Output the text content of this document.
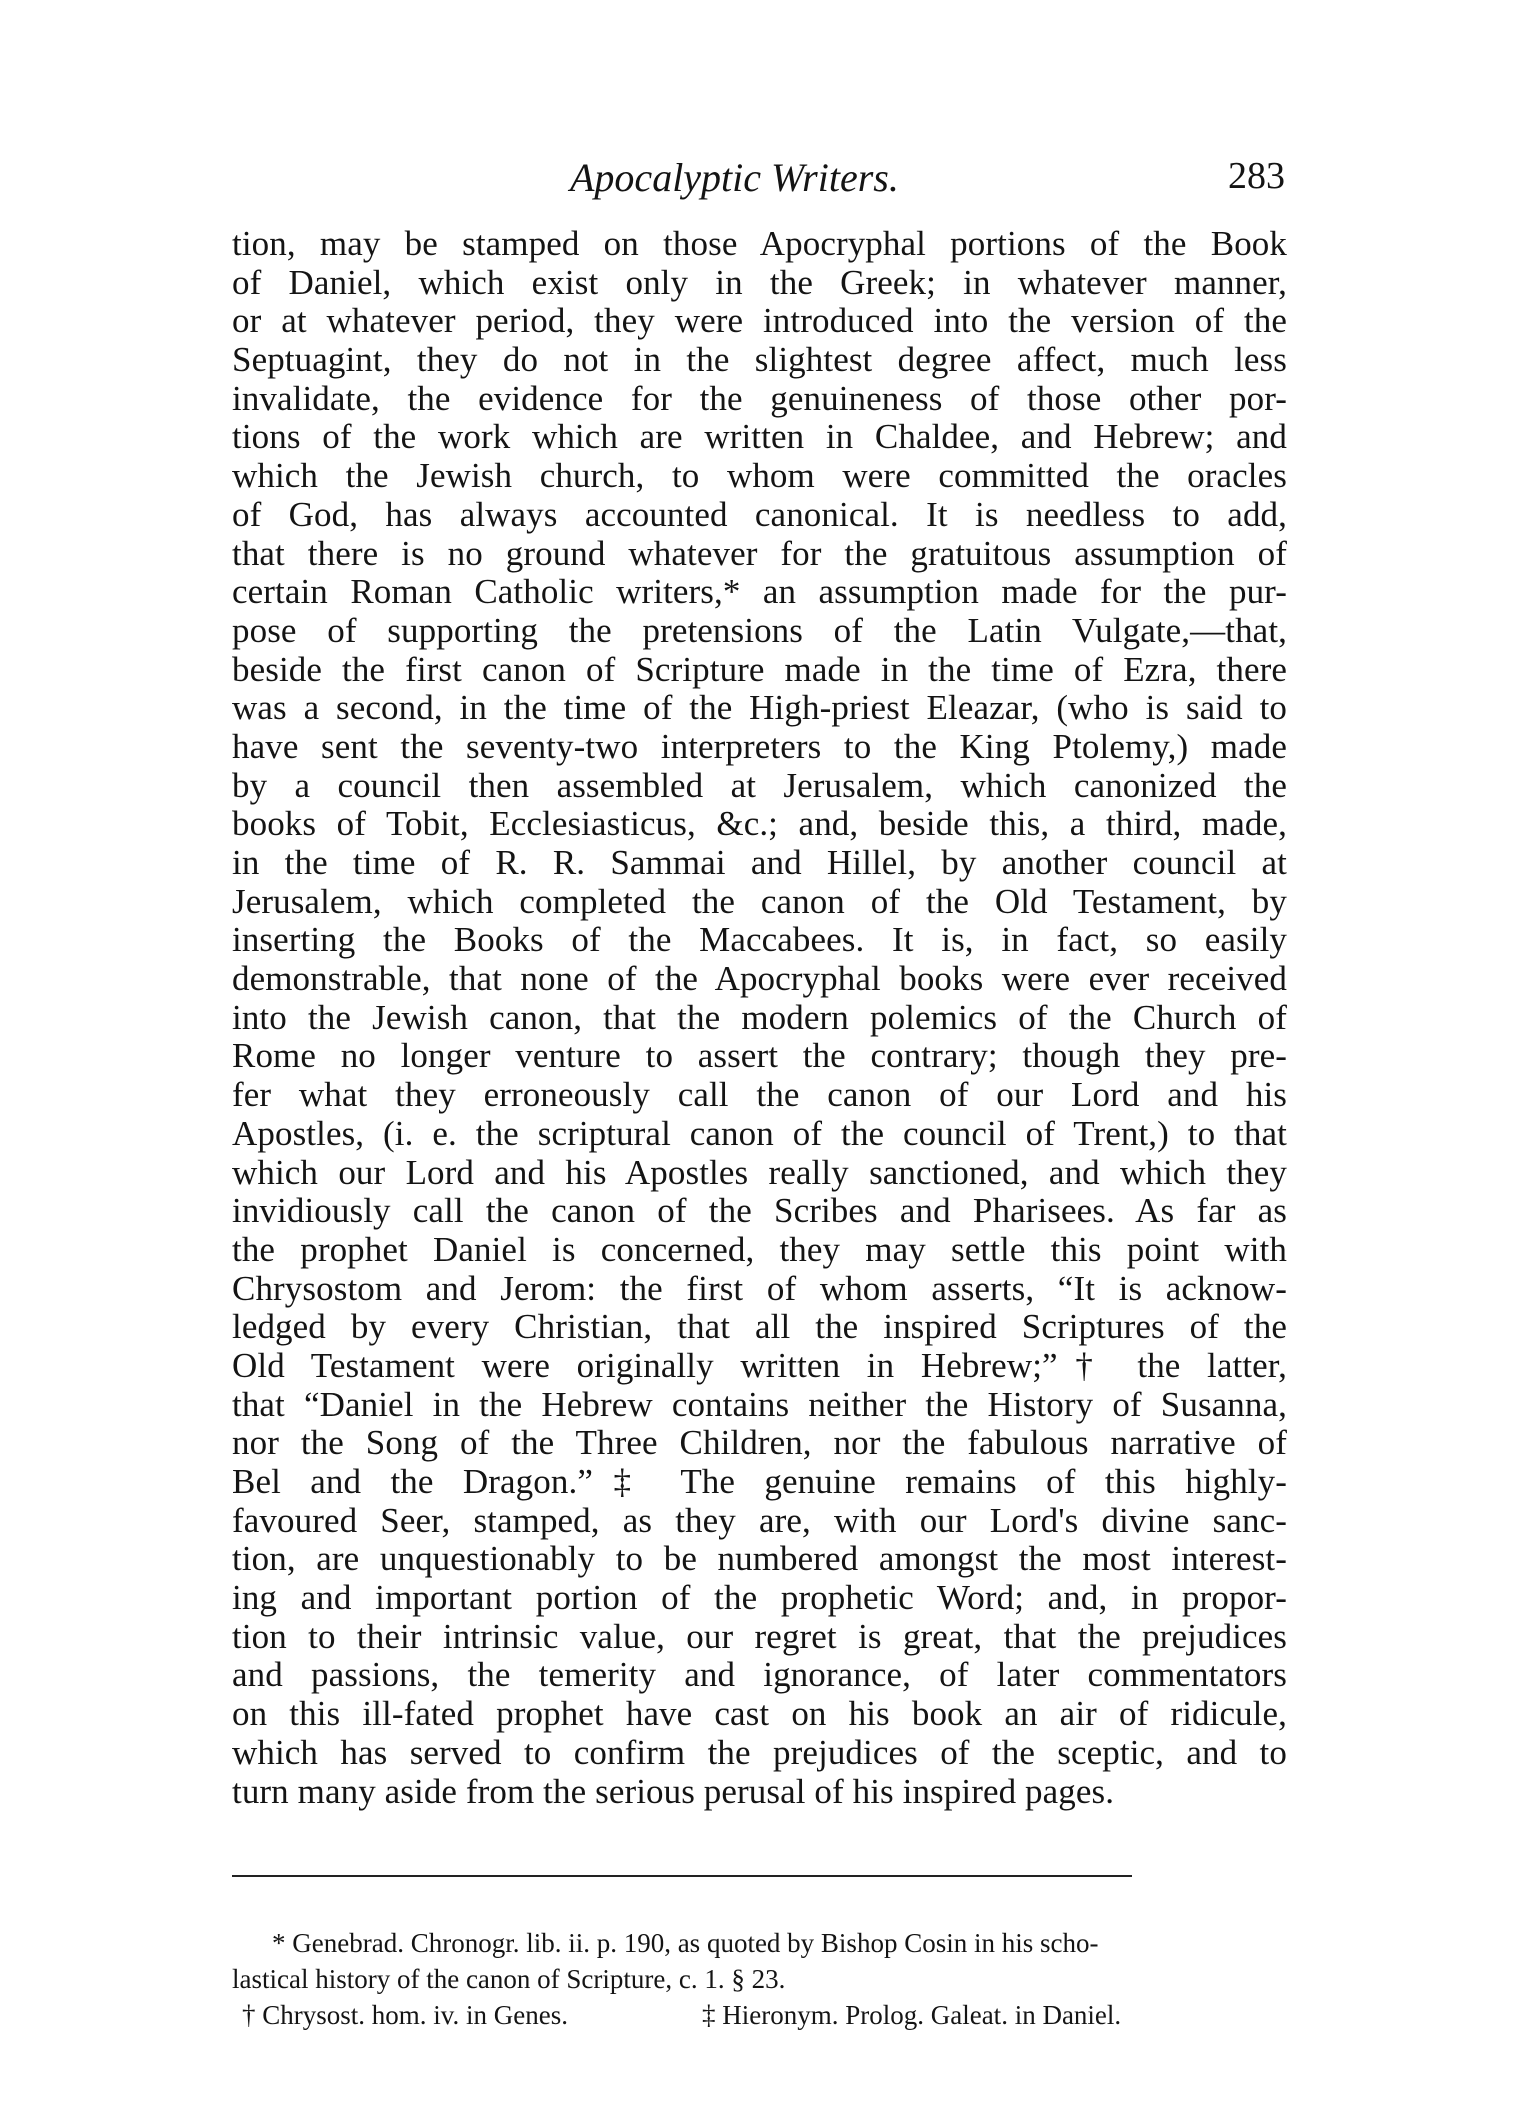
Apocalyptic Writers.	283
tion, may be stamped on those Apocryphal portions of the Book
of Daniel, which exist only in the Greek; in whatever manner,
or at whatever period, they were introduced into the version of the
Septuagint, they do not in the slightest degree affect, much less
invalidate, the evidence for the genuineness of those other por-
tions of the work which are written in Chaldee, and Hebrew; and
which the Jewish church, to whom were committed the oracles
of God, has always accounted canonical. It is needless to add,
that there is no ground whatever for the gratuitous assumption of
certain Roman Catholic writers,* an assumption made for the pur-
pose of supporting the pretensions of the Latin Vulgate,—that,
beside the first canon of Scripture made in the time of Ezra, there
was a second, in the time of the High-priest Eleazar, (who is said to
have sent the seventy-two interpreters to the King Ptolemy,) made
by a council then assembled at Jerusalem, which canonized the
books of Tobit, Ecclesiasticus, &c.; and, beside this, a third, made,
in the time of R. R. Sammai and Hillel, by another council at
Jerusalem, which completed the canon of the Old Testament, by
inserting the Books of the Maccabees. It is, in fact, so easily
demonstrable, that none of the Apocryphal books were ever received
into the Jewish canon, that the modern polemics of the Church of
Rome no longer venture to assert the contrary; though they pre-
fer what they erroneously call the canon of our Lord and his
Apostles, (i. e. the scriptural canon of the council of Trent,) to that
which our Lord and his Apostles really sanctioned, and which they
invidiously call the canon of the Scribes and Pharisees. As far as
the prophet Daniel is concerned, they may settle this point with
Chrysostom and Jerom: the first of whom asserts, “It is acknow-
ledged by every Christian, that all the inspired Scriptures of the
Old Testament were originally written in Hebrew;”† the latter,
that “Daniel in the Hebrew contains neither the History of Susanna,
nor the Song of the Three Children, nor the fabulous narrative of
Bel and the Dragon.”‡ The genuine remains of this highly-
favoured Seer, stamped, as they are, with our Lord's divine sanc-
tion, are unquestionably to be numbered amongst the most interest-
ing and important portion of the prophetic Word; and, in propor-
tion to their intrinsic value, our regret is great, that the prejudices
and passions, the temerity and ignorance, of later commentators
on this ill-fated prophet have cast on his book an air of ridicule,
which has served to confirm the prejudices of the sceptic, and to
turn many aside from the serious perusal of his inspired pages.
* Genebrad. Chronogr. lib. ii. p. 190, as quoted by Bishop Cosin in his scho-
lastical history of the canon of Scripture, c. 1. § 23.
† Chrysost. hom. iv. in Genes.	‡ Hieronym. Prolog. Galeat. in Daniel.
